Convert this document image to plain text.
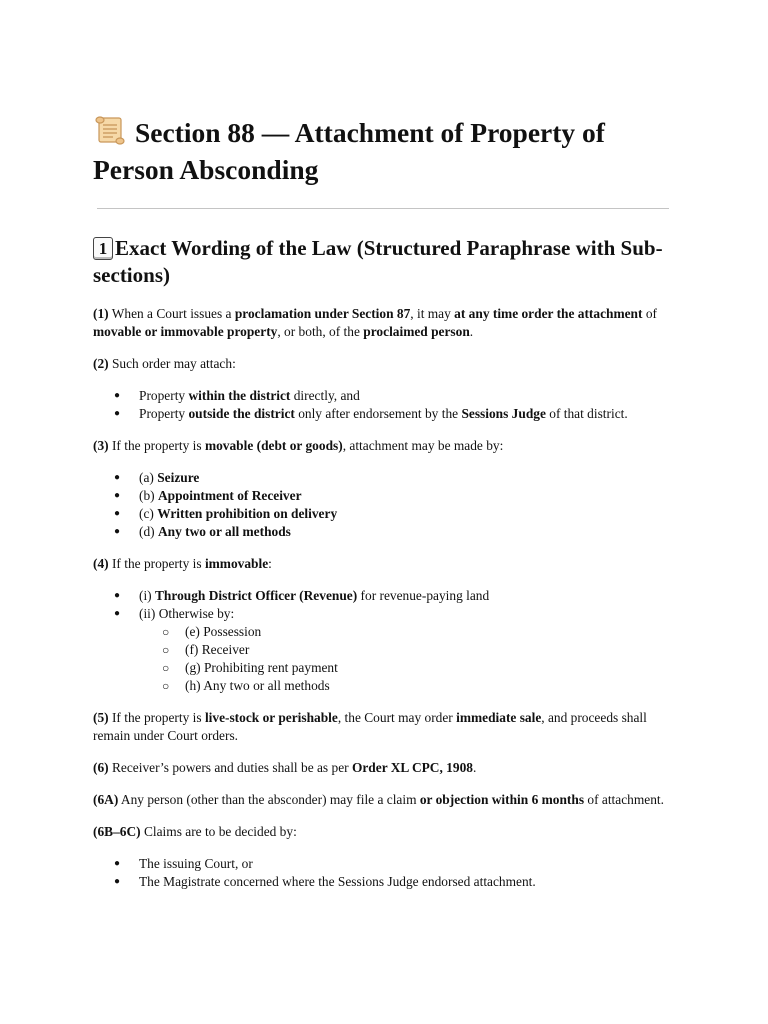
Section 88 — Attachment of Property of Person Absconding
1 Exact Wording of the Law (Structured Paraphrase with Sub-sections)

(1) When a Court issues a proclamation under Section 87, it may at any time order the attachment of movable or immovable property, or both, of the proclaimed person.

(2) Such order may attach:

● Property within the district directly, and
● Property outside the district only after endorsement by the Sessions Judge of that district.

(3) If the property is movable (debt or goods), attachment may be made by:

● (a) Seizure
● (b) Appointment of Receiver
● (c) Written prohibition on delivery
● (d) Any two or all methods

(4) If the property is immovable:

● (i) Through District Officer (Revenue) for revenue-paying land
● (ii) Otherwise by:
○ (e) Possession
○ (f) Receiver
○ (g) Prohibiting rent payment
○ (h) Any two or all methods

(5) If the property is live-stock or perishable, the Court may order immediate sale, and proceeds shall remain under Court orders.

(6) Receiver’s powers and duties shall be as per Order XL CPC, 1908.

(6A) Any person (other than the absconder) may file a claim or objection within 6 months of attachment.

(6B–6C) Claims are to be decided by:

● The issuing Court, or
● The Magistrate concerned where the Sessions Judge endorsed attachment.
